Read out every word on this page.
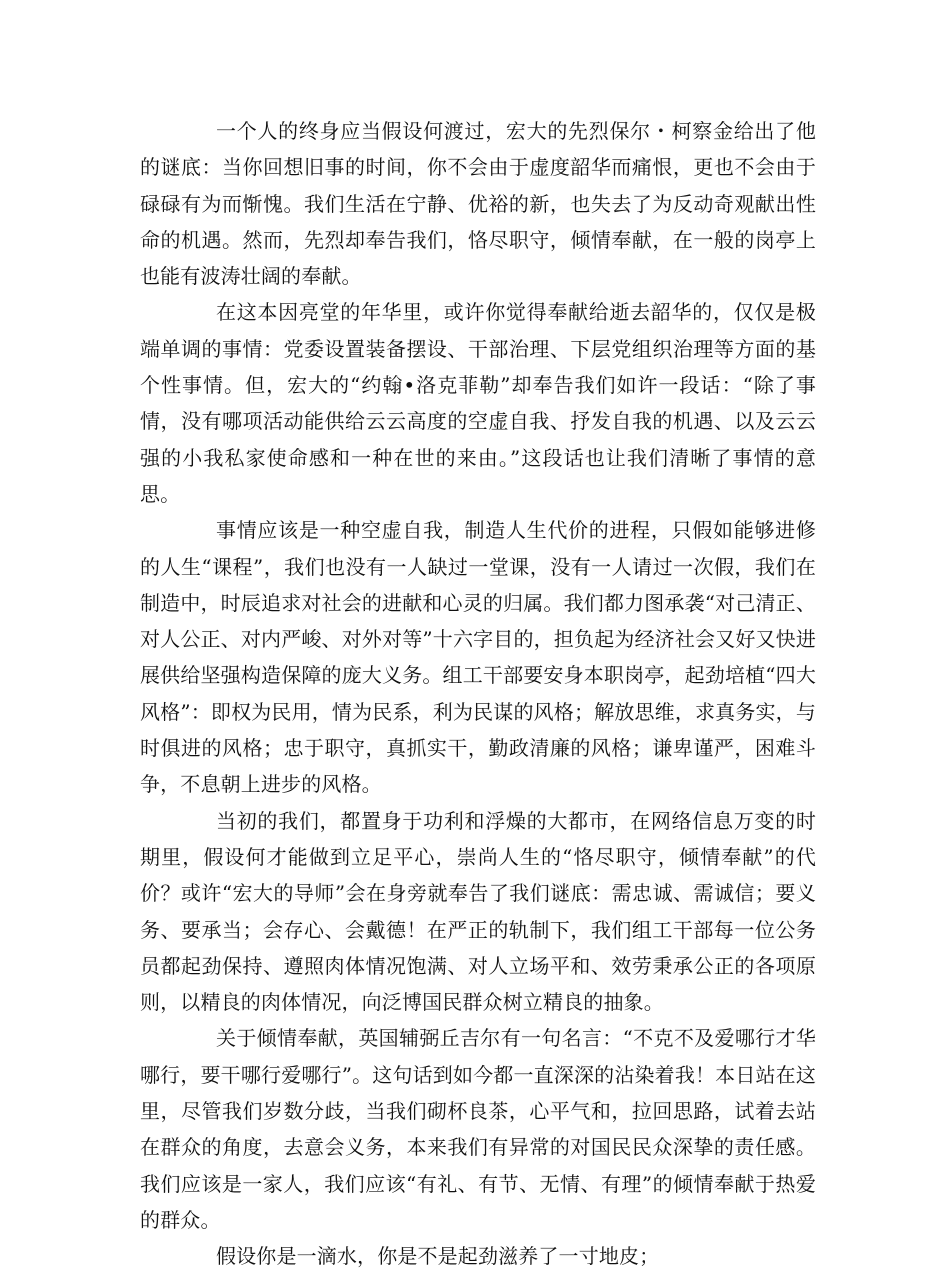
一个人的终身应当假设何渡过，宏大的先烈保尔・柯察金给出了他的谜底：当你回想旧事的时间，你不会由于虚度韶华而痛恨，更也不会由于碌碌有为而惭愧。我们生活在宁静、优裕的新，也失去了为反动奇观献出性命的机遇。然而，先烈却奉告我们，恪尽职守，倾情奉献，在一般的岗亭上也能有波涛壮阔的奉献。

在这本因亮堂的年华里，或许你觉得奉献给逝去韶华的，仅仅是极端单调的事情：党委设置装备摆设、干部治理、下层党组织治理等方面的基个性事情。但，宏大的“约翰•洛克菲勒”却奉告我们如许一段话：“除了事情，没有哪项活动能供给云云高度的空虚自我、抒发自我的机遇、以及云云强的小我私家使命感和一种在世的来由。”这段话也让我们清晰了事情的意思。

事情应该是一种空虚自我，制造人生代价的进程，只假如能够进修的人生“课程”，我们也没有一人缺过一堂课，没有一人请过一次假，我们在制造中，时辰追求对社会的进献和心灵的归属。我们都力图承袭“对己清正、对人公正、对内严峻、对外对等”十六字目的，担负起为经济社会又好又快进展供给坚强构造保障的庞大义务。组工干部要安身本职岗亭，起劲培植“四大风格”：即权为民用，情为民系，利为民谋的风格；解放思维，求真务实，与时俱进的风格；忠于职守，真抓实干，勤政清廉的风格；谦卑谨严，困难斗争，不息朝上进步的风格。

当初的我们，都置身于功利和浮燥的大都市，在网络信息万变的时期里，假设何才能做到立足平心，崇尚人生的“恪尽职守，倾情奉献”的代价？或许“宏大的导师”会在身旁就奉告了我们谜底：需忠诚、需诚信；要义务、要承当；会存心、会戴德！在严正的轨制下，我们组工干部每一位公务员都起劲保持、遵照肉体情况饱满、对人立场平和、效劳秉承公正的各项原则，以精良的肉体情况，向泛博国民群众树立精良的抽象。

关于倾情奉献，英国辅弼丘吉尔有一句名言：“不克不及爱哪行才华哪行，要干哪行爱哪行”。这句话到如今都一直深深的沾染着我！本日站在这里，尽管我们岁数分歧，当我们砌杯良茶，心平气和，拉回思路，试着去站在群众的角度，去意会义务，本来我们有异常的对国民民众深挚的责任感。我们应该是一家人，我们应该“有礼、有节、无情、有理”的倾情奉献于热爱的群众。

假设你是一滴水，你是不是起劲滋养了一寸地皮；
